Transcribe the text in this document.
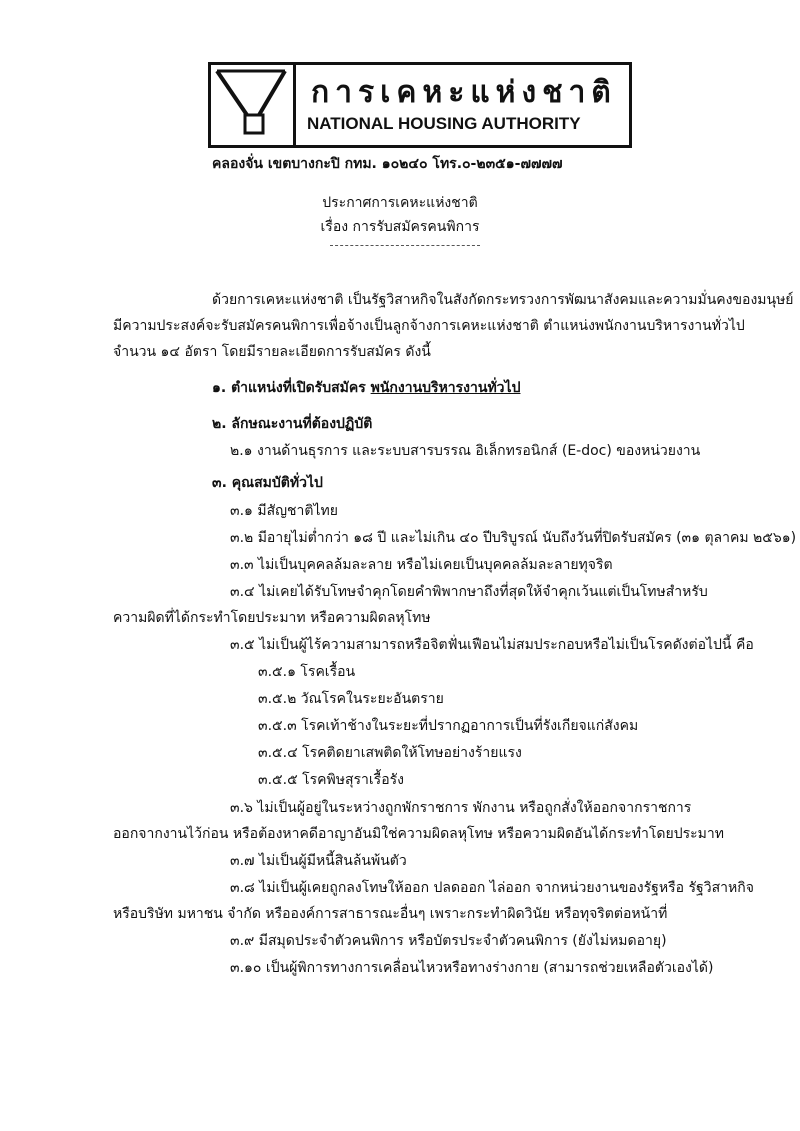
การเคหะแห่งชาติ
NATIONAL HOUSING AUTHORITY
คลองจั่น เขตบางกะปิ กทม. ๑๐๒๔๐ โทร.๐-๒๓๕๑-๗๗๗๗
ประกาศการเคหะแห่งชาติ
เรื่อง การรับสมัครคนพิการ
ด้วยการเคหะแห่งชาติ เป็นรัฐวิสาหกิจในสังกัดกระทรวงการพัฒนาสังคมและความมั่นคงของมนุษย์
มีความประสงค์จะรับสมัครคนพิการเพื่อจ้างเป็นลูกจ้างการเคหะแห่งชาติ ตำแหน่งพนักงานบริหารงานทั่วไป
จำนวน ๑๔ อัตรา โดยมีรายละเอียดการรับสมัคร ดังนี้
๑. ตำแหน่งที่เปิดรับสมัคร พนักงานบริหารงานทั่วไป
๒. ลักษณะงานที่ต้องปฏิบัติ
๒.๑ งานด้านธุรการ และระบบสารบรรณ อิเล็กทรอนิกส์ (E-doc) ของหน่วยงาน
๓. คุณสมบัติทั่วไป
๓.๑ มีสัญชาติไทย
๓.๒ มีอายุไม่ต่ำกว่า ๑๘ ปี และไม่เกิน ๔๐ ปีบริบูรณ์ นับถึงวันที่ปิดรับสมัคร (๓๑ ตุลาคม ๒๕๖๑)
๓.๓ ไม่เป็นบุคคลล้มละลาย หรือไม่เคยเป็นบุคคลล้มละลายทุจริต
๓.๔ ไม่เคยได้รับโทษจำคุกโดยคำพิพากษาถึงที่สุดให้จำคุกเว้นแต่เป็นโทษสำหรับ
ความผิดที่ได้กระทำโดยประมาท หรือความผิดลหุโทษ
๓.๕ ไม่เป็นผู้ไร้ความสามารถหรือจิตฟั่นเฟือนไม่สมประกอบหรือไม่เป็นโรคดังต่อไปนี้ คือ
๓.๕.๑ โรคเรื้อน
๓.๕.๒ วัณโรคในระยะอันตราย
๓.๕.๓ โรคเท้าช้างในระยะที่ปรากฏอาการเป็นที่รังเกียจแก่สังคม
๓.๕.๔ โรคติดยาเสพติดให้โทษอย่างร้ายแรง
๓.๕.๕ โรคพิษสุราเรื้อรัง
๓.๖ ไม่เป็นผู้อยู่ในระหว่างถูกพักราชการ พักงาน หรือถูกสั่งให้ออกจากราชการ
ออกจากงานไว้ก่อน หรือต้องหาคดีอาญาอันมิใช่ความผิดลหุโทษ หรือความผิดอันได้กระทำโดยประมาท
๓.๗ ไม่เป็นผู้มีหนี้สินล้นพ้นตัว
๓.๘ ไม่เป็นผู้เคยถูกลงโทษให้ออก ปลดออก ไล่ออก จากหน่วยงานของรัฐหรือ รัฐวิสาหกิจ
หรือบริษัท มหาชน จำกัด หรือองค์การสาธารณะอื่นๆ เพราะกระทำผิดวินัย หรือทุจริตต่อหน้าที่
๓.๙ มีสมุดประจำตัวคนพิการ หรือบัตรประจำตัวคนพิการ (ยังไม่หมดอายุ)
๓.๑๐ เป็นผู้พิการทางการเคลื่อนไหวหรือทางร่างกาย (สามารถช่วยเหลือตัวเองได้)
